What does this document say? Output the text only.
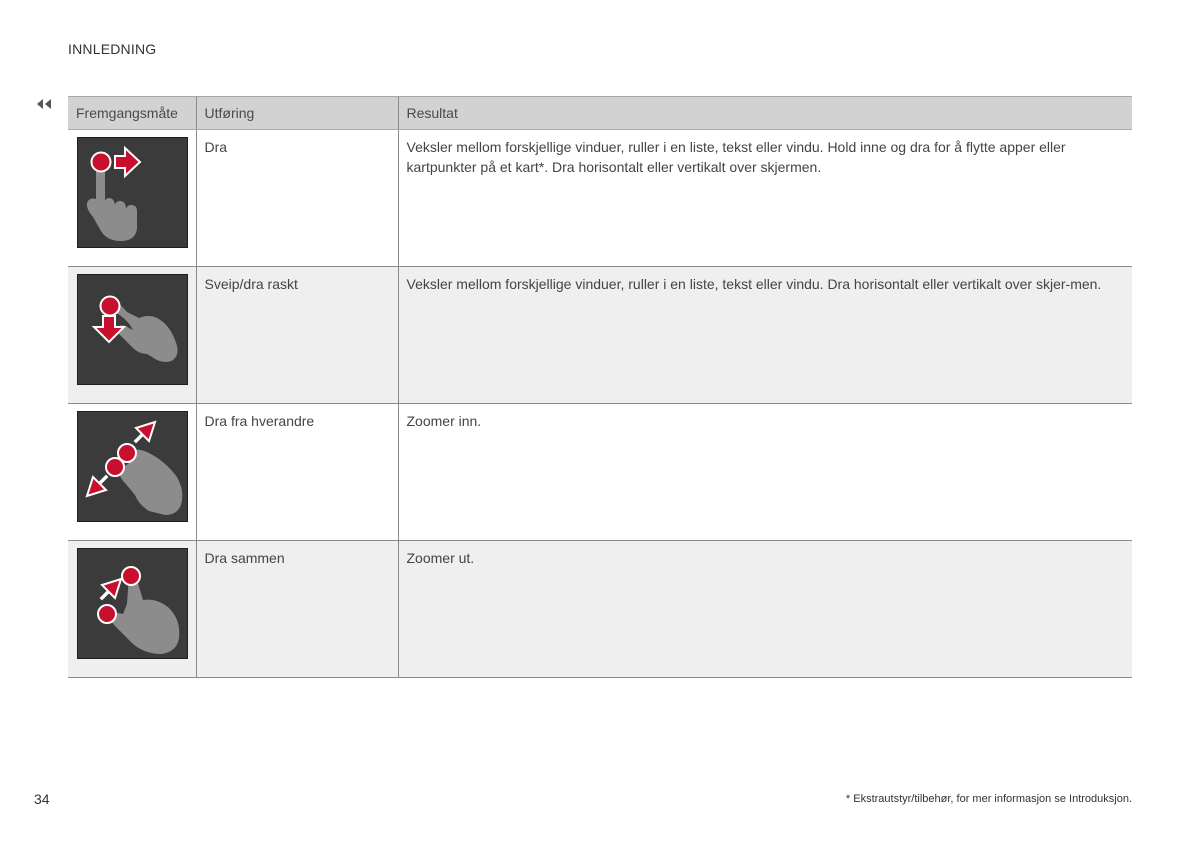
INNLEDNING
Fremgangsmåte	Utføring	Resultat

Dra	Veksler mellom forskjellige vinduer, ruller i en liste, tekst eller vindu. Hold inne og dra for å flytte apper eller kartpunkter på et kart*. Dra horisontalt eller vertikalt over skjermen.

Sveip/dra raskt	Veksler mellom forskjellige vinduer, ruller i en liste, tekst eller vindu. Dra horisontalt eller vertikalt over skjer-men.

Dra fra hverandre	Zoomer inn.

Dra sammen	Zoomer ut.
34	* Ekstrautstyr/tilbehør, for mer informasjon se Introduksjon.
